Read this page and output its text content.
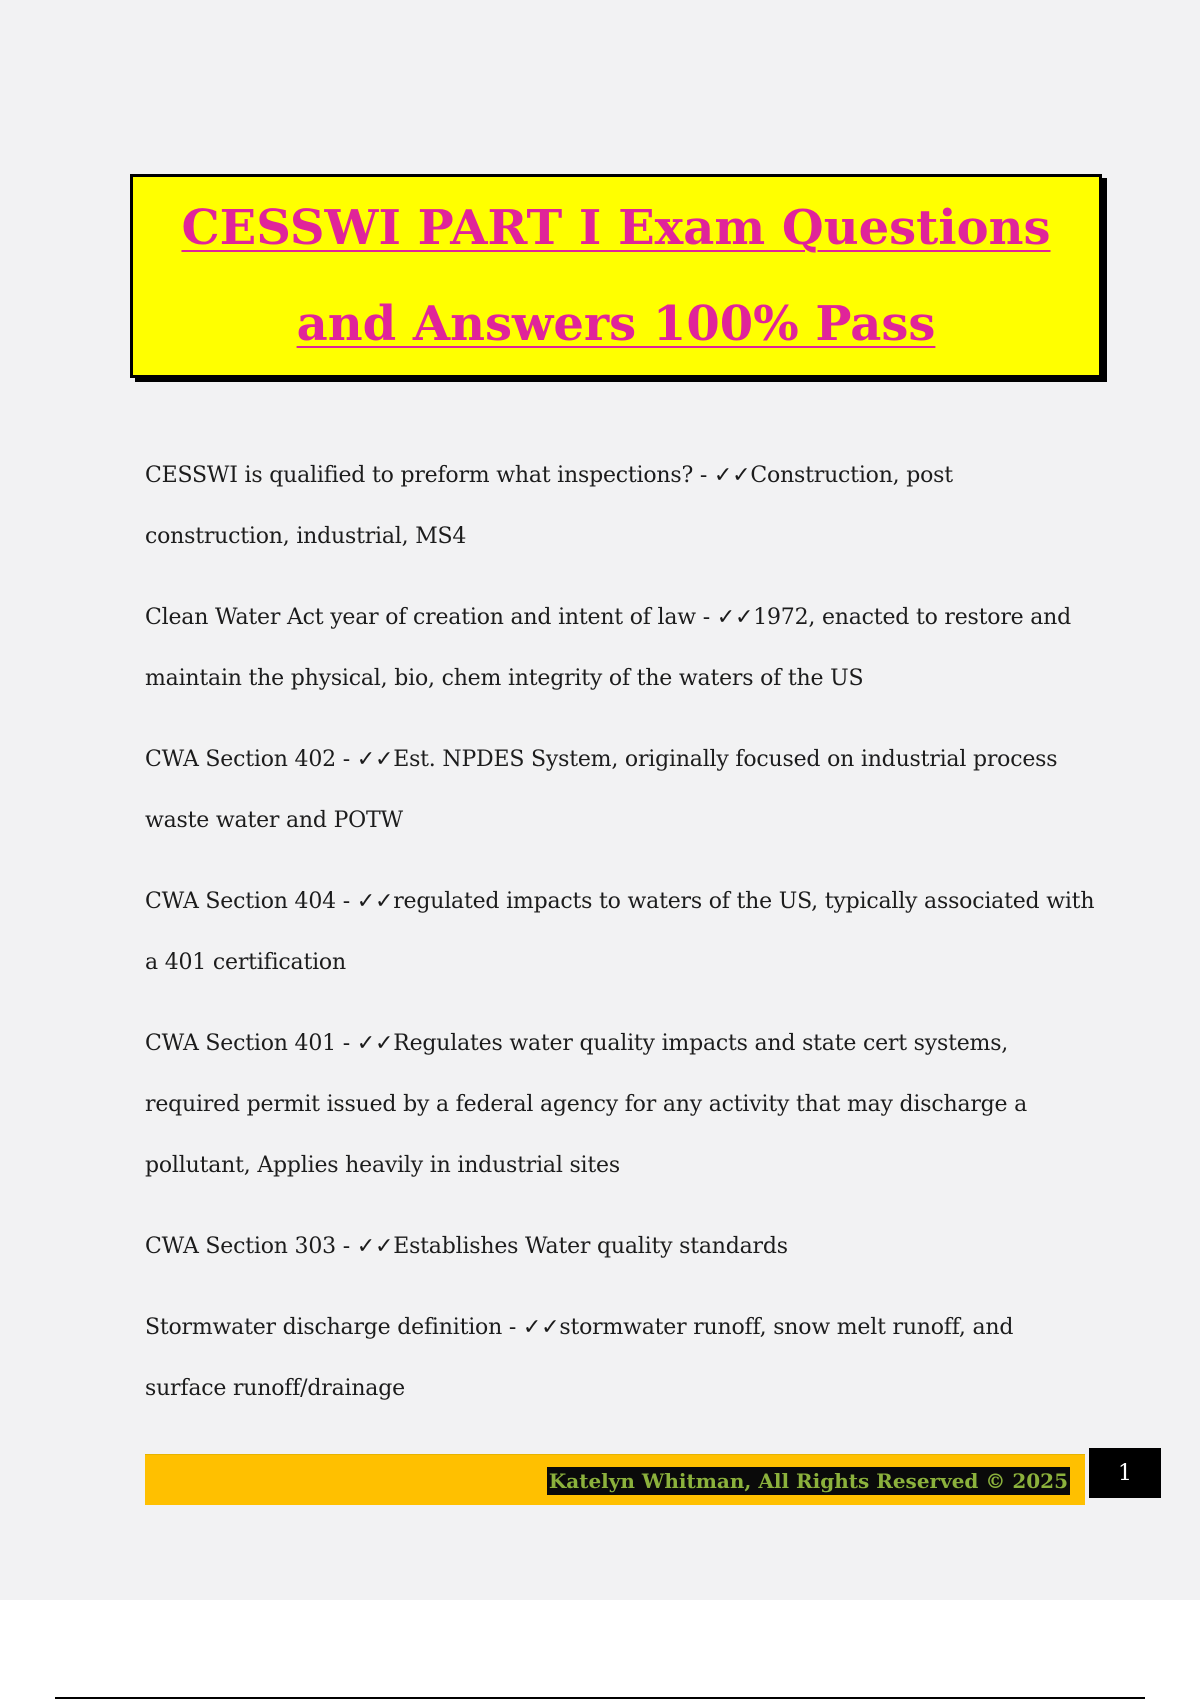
CESSWI PART I Exam Questions and Answers 100% Pass
CESSWI is qualified to preform what inspections? - ✓✓Construction, post construction, industrial, MS4
Clean Water Act year of creation and intent of law - ✓✓1972, enacted to restore and maintain the physical, bio, chem integrity of the waters of the US
CWA Section 402 - ✓✓Est. NPDES System, originally focused on industrial process waste water and POTW
CWA Section 404 - ✓✓regulated impacts to waters of the US, typically associated with a 401 certification
CWA Section 401 - ✓✓Regulates water quality impacts and state cert systems, required permit issued by a federal agency for any activity that may discharge a pollutant, Applies heavily in industrial sites
CWA Section 303 - ✓✓Establishes Water quality standards
Stormwater discharge definition - ✓✓stormwater runoff, snow melt runoff, and surface runoff/drainage
Katelyn Whitman, All Rights Reserved © 2025	1
